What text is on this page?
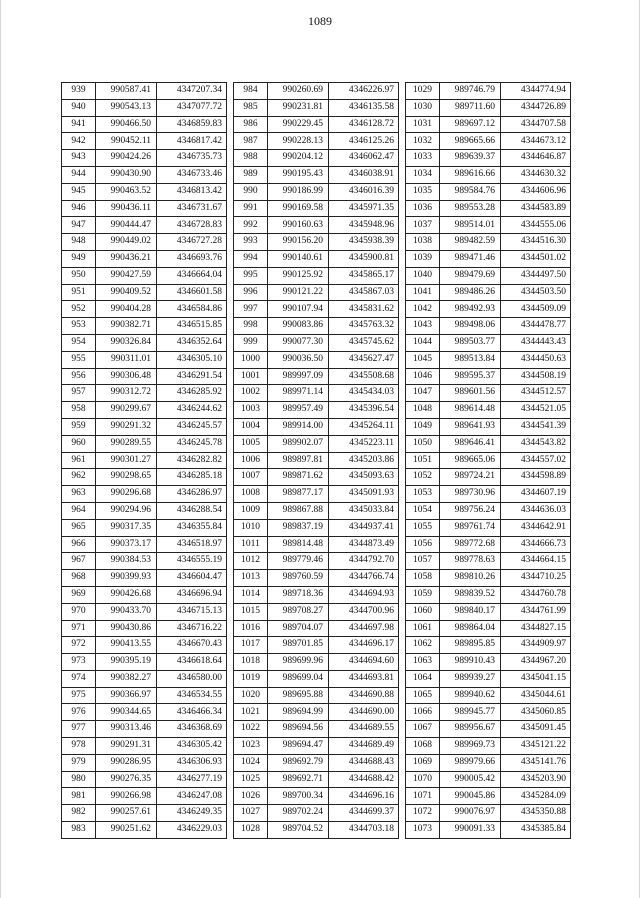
1089
939	990587.41	4347207.34
940	990543.13	4347077.72
941	990466.50	4346859.83
942	990452.11	4346817.42
943	990424.26	4346735.73
944	990430.90	4346733.46
945	990463.52	4346813.42
946	990436.11	4346731.67
947	990444.47	4346728.83
948	990449.02	4346727.28
949	990436.21	4346693.76
950	990427.59	4346664.04
951	990409.52	4346601.58
952	990404.28	4346584.86
953	990382.71	4346515.85
954	990326.84	4346352.64
955	990311.01	4346305.10
956	990306.48	4346291.54
957	990312.72	4346285.92
958	990299.67	4346244.62
959	990291.32	4346245.57
960	990289.55	4346245.78
961	990301.27	4346282.82
962	990298.65	4346285.18
963	990296.68	4346286.97
964	990294.96	4346288.54
965	990317.35	4346355.84
966	990373.17	4346518.97
967	990384.53	4346555.19
968	990399.93	4346604.47
969	990426.68	4346696.94
970	990433.70	4346715.13
971	990430.86	4346716.22
972	990413.55	4346670.43
973	990395.19	4346618.64
974	990382.27	4346580.00
975	990366.97	4346534.55
976	990344.65	4346466.34
977	990313.46	4346368.69
978	990291.31	4346305.42
979	990286.95	4346306.93
980	990276.35	4346277.19
981	990266.98	4346247.08
982	990257.61	4346249.35
983	990251.62	4346229.03
984	990260.69	4346226.97
985	990231.81	4346135.58
986	990229.45	4346128.72
987	990228.13	4346125.26
988	990204.12	4346062.47
989	990195.43	4346038.91
990	990186.99	4346016.39
991	990169.58	4345971.35
992	990160.63	4345948.96
993	990156.20	4345938.39
994	990140.61	4345900.81
995	990125.92	4345865.17
996	990121.22	4345867.03
997	990107.94	4345831.62
998	990083.86	4345763.32
999	990077.30	4345745.62
1000	990036.50	4345627.47
1001	989997.09	4345508.68
1002	989971.14	4345434.03
1003	989957.49	4345396.54
1004	989914.00	4345264.11
1005	989902.07	4345223.11
1006	989897.81	4345203.86
1007	989871.62	4345093.63
1008	989877.17	4345091.93
1009	989867.88	4345033.84
1010	989837.19	4344937.41
1011	989814.48	4344873.49
1012	989779.46	4344792.70
1013	989760.59	4344766.74
1014	989718.36	4344694.93
1015	989708.27	4344700.96
1016	989704.07	4344697.98
1017	989701.85	4344696.17
1018	989699.96	4344694.60
1019	989699.04	4344693.81
1020	989695.88	4344690.88
1021	989694.99	4344690.00
1022	989694.56	4344689.55
1023	989694.47	4344689.49
1024	989692.79	4344688.43
1025	989692.71	4344688.42
1026	989700.34	4344696.16
1027	989702.24	4344699.37
1028	989704.52	4344703.18
1029	989746.79	4344774.94
1030	989711.60	4344726.89
1031	989697.12	4344707.58
1032	989665.66	4344673.12
1033	989639.37	4344646.87
1034	989616.66	4344630.32
1035	989584.76	4344606.96
1036	989553.28	4344583.89
1037	989514.01	4344555.06
1038	989482.59	4344516.30
1039	989471.46	4344501.02
1040	989479.69	4344497.50
1041	989486.26	4344503.50
1042	989492.93	4344509.09
1043	989498.06	4344478.77
1044	989503.77	4344443.43
1045	989513.84	4344450.63
1046	989595.37	4344508.19
1047	989601.56	4344512.57
1048	989614.48	4344521.05
1049	989641.93	4344541.39
1050	989646.41	4344543.82
1051	989665.06	4344557.02
1052	989724.21	4344598.89
1053	989730.96	4344607.19
1054	989756.24	4344636.03
1055	989761.74	4344642.91
1056	989772.68	4344666.73
1057	989778.63	4344664.15
1058	989810.26	4344710.25
1059	989839.52	4344760.78
1060	989840.17	4344761.99
1061	989864.04	4344827.15
1062	989895.85	4344909.97
1063	989910.43	4344967.20
1064	989939.27	4345041.15
1065	989940.62	4345044.61
1066	989945.77	4345060.85
1067	989956.67	4345091.45
1068	989969.73	4345121.22
1069	989979.66	4345141.76
1070	990005.42	4345203.90
1071	990045.86	4345284.09
1072	990076.97	4345350.88
1073	990091.33	4345385.84
